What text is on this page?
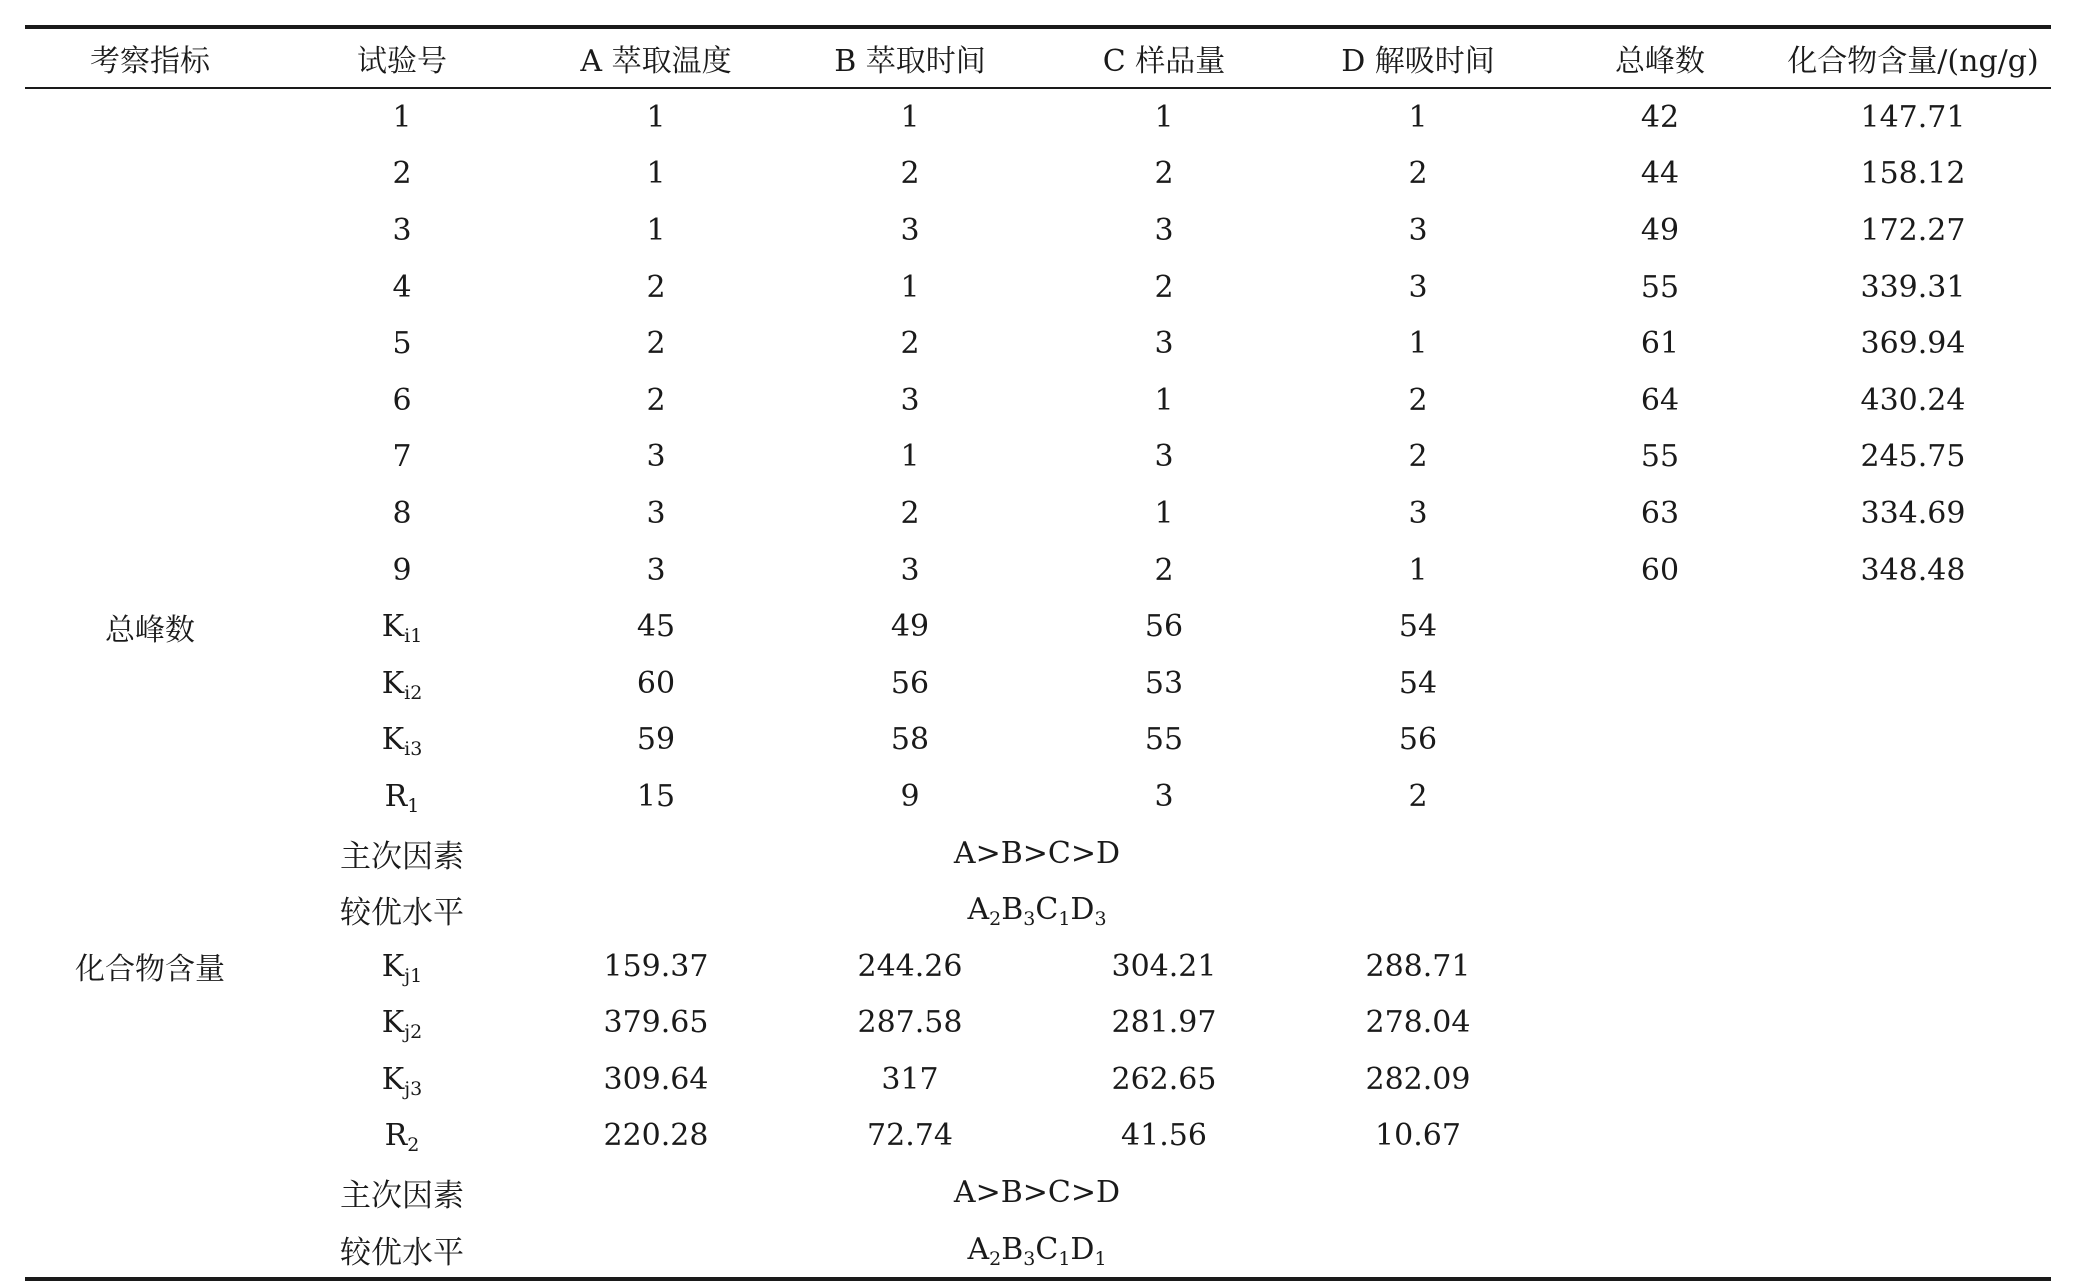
考察指标	试验号	A 萃取温度	B 萃取时间	C 样品量	D 解吸时间	总峰数	化合物含量/(ng/g)
	1	1	1	1	1	42	147.71
	2	1	2	2	2	44	158.12
	3	1	3	3	3	49	172.27
	4	2	1	2	3	55	339.31
	5	2	2	3	1	61	369.94
	6	2	3	1	2	64	430.24
	7	3	1	3	2	55	245.75
	8	3	2	1	3	63	334.69
	9	3	3	2	1	60	348.48
总峰数	$K_{i1}$	45	49	56	54		
	$K_{i2}$	60	56	53	54		
	$K_{i3}$	59	58	55	56		
	$R_1$	15	9	3	2		
	主次因素	A>B>C>D					
	较优水平	$A_2B_3C_1D_3$		
化合物含量	$K_{j1}$	159.37	244.26	304.21	288.71		
	$K_{j2}$	379.65	287.58	281.97	278.04		
	$K_{j3}$	309.64	317	262.65	282.09		
	$R_2$	220.28	72.74	41.56	10.67		
	主次因素	A>B>C>D					
	较优水平	$A_2B_3C_1D_1$		
